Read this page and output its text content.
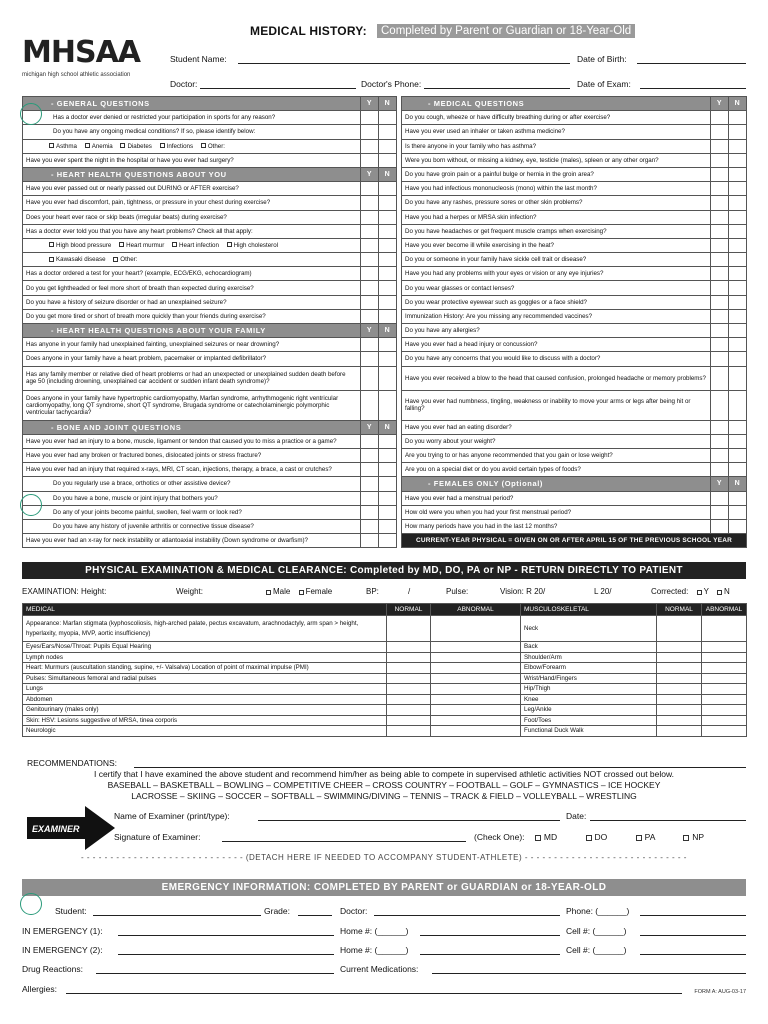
MHSAA
michigan high school athletic association
MEDICAL HISTORY:	Completed by Parent or Guardian or 18-Year-Old
Student Name:	Date of Birth:
Doctor:	Doctor's Phone:	Date of Exam:
- GENERAL QUESTIONS	Y	N
Has a doctor ever denied or restricted your participation in sports for any reason?		
Do you have any ongoing medical conditions? If so, please identify below:		
Asthma Anemia Diabetes Infections Other:		
Have you ever spent the night in the hospital or have you ever had surgery?		
- HEART HEALTH QUESTIONS ABOUT YOU	Y	N
Have you ever passed out or nearly passed out DURING or AFTER exercise?		
Have you ever had discomfort, pain, tightness, or pressure in your chest during exercise?		
Does your heart ever race or skip beats (irregular beats) during exercise?		
Has a doctor ever told you that you have any heart problems? Check all that apply:		
High blood pressure Heart murmur Heart infection High cholesterol		
Kawasaki disease Other:		
Has a doctor ordered a test for your heart? (example, ECG/EKG, echocardiogram)		
Do you get lightheaded or feel more short of breath than expected during exercise?		
Do you have a history of seizure disorder or had an unexplained seizure?		
Do you get more tired or short of breath more quickly than your friends during exercise?		
- HEART HEALTH QUESTIONS ABOUT YOUR FAMILY	Y	N
Has anyone in your family had unexplained fainting, unexplained seizures or near drowning?		
Does anyone in your family have a heart problem, pacemaker or implanted defibrillator?		
Has any family member or relative died of heart problems or had an unexpected or unexplained sudden death before age 50 (including drowning, unexplained car accident or sudden infant death syndrome)?		
Does anyone in your family have hypertrophic cardiomyopathy, Marfan syndrome, arrhythmogenic right ventricular cardiomyopathy, long QT syndrome, short QT syndrome, Brugada syndrome or catecholaminergic polymorphic ventricular tachycardia?		
- BONE AND JOINT QUESTIONS	Y	N
Have you ever had an injury to a bone, muscle, ligament or tendon that caused you to miss a practice or a game?		
Have you ever had any broken or fractured bones, dislocated joints or stress fracture?		
Have you ever had an injury that required x-rays, MRI, CT scan, injections, therapy, a brace, a cast or crutches?		
Do you regularly use a brace, orthotics or other assistive device?		
Do you have a bone, muscle or joint injury that bothers you?		
Do any of your joints become painful, swollen, feel warm or look red?		
Do you have any history of juvenile arthritis or connective tissue disease?		
Have you ever had an x-ray for neck instability or atlantoaxial instability (Down syndrome or dwarfism)?		
- MEDICAL QUESTIONS	Y	N
Do you cough, wheeze or have difficulty breathing during or after exercise?		
Have you ever used an inhaler or taken asthma medicine?		
Is there anyone in your family who has asthma?		
Were you born without, or missing a kidney, eye, testicle (males), spleen or any other organ?		
Do you have groin pain or a painful bulge or hernia in the groin area?		
Have you had infectious mononucleosis (mono) within the last month?		
Do you have any rashes, pressure sores or other skin problems?		
Have you had a herpes or MRSA skin infection?		
Do you have headaches or get frequent muscle cramps when exercising?		
Have you ever become ill while exercising in the heat?		
Do you or someone in your family have sickle cell trait or disease?		
Have you had any problems with your eyes or vision or any eye injuries?		
Do you wear glasses or contact lenses?		
Do you wear protective eyewear such as goggles or a face shield?		
Immunization History: Are you missing any recommended vaccines?		
Do you have any allergies?		
Have you ever had a head injury or concussion?		
Do you have any concerns that you would like to discuss with a doctor?		
Have you ever received a blow to the head that caused confusion, prolonged headache or memory problems?		
Have you ever had numbness, tingling, weakness or inability to move your arms or legs after being hit or falling?		
Have you ever had an eating disorder?		
Do you worry about your weight?		
Are you trying to or has anyone recommended that you gain or lose weight?		
Are you on a special diet or do you avoid certain types of foods?		
- FEMALES ONLY (Optional)	Y	N
Have you ever had a menstrual period?		
How old were you when you had your first menstrual period?		
How many periods have you had in the last 12 months?		
CURRENT-YEAR PHYSICAL = GIVEN ON OR AFTER APRIL 15 OF THE PREVIOUS SCHOOL YEAR		
PHYSICAL EXAMINATION & MEDICAL CLEARANCE: Completed by MD, DO, PA or NP - RETURN DIRECTLY TO PATIENT
EXAMINATION: Height:	Weight:	Male Female	BP:	/	Pulse:	Vision: R 20/	L 20/	Corrected: Y N
MEDICAL	NORMAL	ABNORMAL	MUSCULOSKELETAL	NORMAL	ABNORMAL
Appearance: Marfan stigmata (kyphoscoliosis, high-arched palate, pectus excavatum, arachnodactyly, arm span > height, hyperlaxity, myopia, MVP, aortic insufficiency)			Neck		
Eyes/Ears/Nose/Throat: Pupils Equal Hearing			Back		
Lymph nodes			Shoulder/Arm		
Heart: Murmurs (auscultation standing, supine, +/- Valsalva) Location of point of maximal impulse (PMI)			Elbow/Forearm		
Pulses: Simultaneous femoral and radial pulses			Wrist/Hand/Fingers		
Lungs			Hip/Thigh		
Abdomen			Knee		
Genitourinary (males only)			Leg/Ankle		
Skin: HSV: Lesions suggestive of MRSA, tinea corporis			Foot/Toes		
Neurologic			Functional Duck Walk		
RECOMMENDATIONS:
I certify that I have examined the above student and recommend him/her as being able to compete in supervised athletic activities NOT crossed out below.
BASEBALL – BASKETBALL – BOWLING – COMPETITIVE CHEER – CROSS COUNTRY – FOOTBALL – GOLF – GYMNASTICS – ICE HOCKEY
LACROSSE – SKIING – SOCCER – SOFTBALL – SWIMMING/DIVING – TENNIS – TRACK & FIELD – VOLLEYBALL – WRESTLING
EXAMINER
Name of Examiner (print/type):	Date:
Signature of Examiner:	(Check One): MD	DO	PA	NP
- - - - - - - - - - - - - - - - - - - - - - - - - - - - (DETACH HERE IF NEEDED TO ACCOMPANY STUDENT-ATHLETE) - - - - - - - - - - - - - - - - - - - - - - - - - - - -
EMERGENCY INFORMATION: COMPLETED BY PARENT or GUARDIAN or 18-YEAR-OLD
Student:	Grade:	Doctor:	Phone: (______)
IN EMERGENCY (1):	Home #: (______)	Cell #: (______)
IN EMERGENCY (2):	Home #: (______)	Cell #: (______)
Drug Reactions:	Current Medications:
Allergies:	FORM A: AUG-03-17
